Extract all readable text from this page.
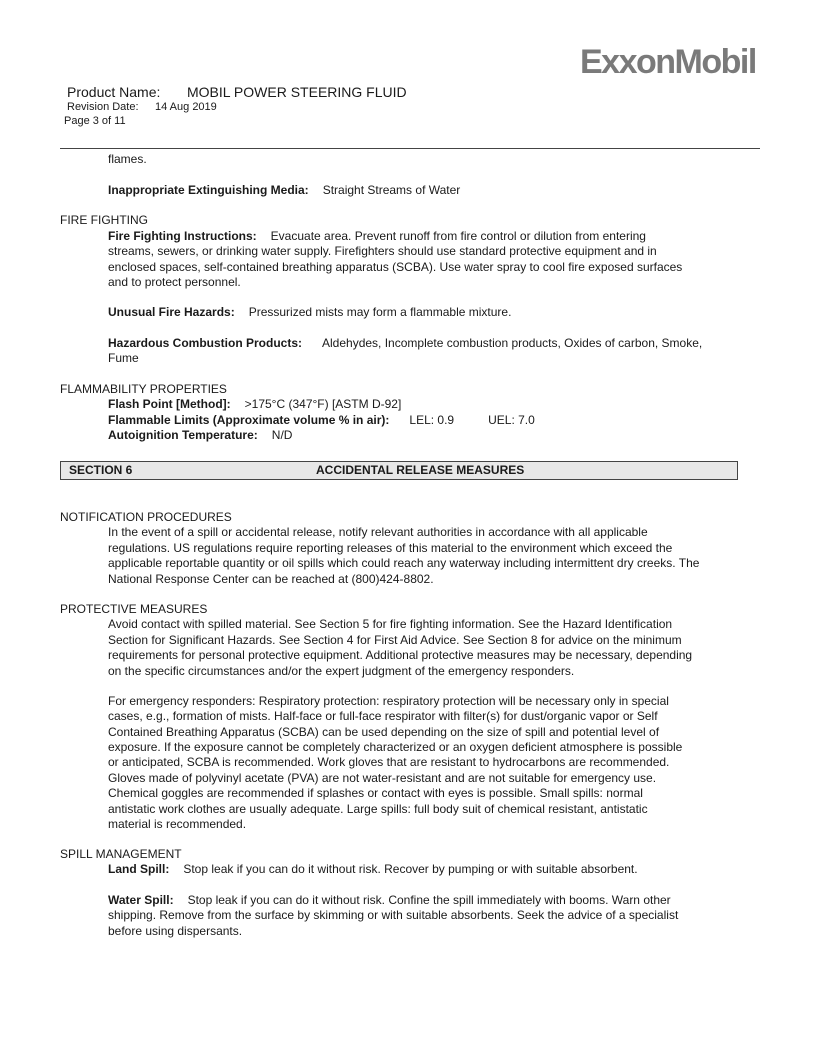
ExxonMobil
Product Name: MOBIL POWER STEERING FLUID
Revision Date: 14 Aug 2019
Page 3 of 11
flames.
Inappropriate Extinguishing Media: Straight Streams of Water
FIRE FIGHTING
Fire Fighting Instructions: Evacuate area. Prevent runoff from fire control or dilution from entering
streams, sewers, or drinking water supply. Firefighters should use standard protective equipment and in
enclosed spaces, self-contained breathing apparatus (SCBA). Use water spray to cool fire exposed surfaces
and to protect personnel.
Unusual Fire Hazards: Pressurized mists may form a flammable mixture.
Hazardous Combustion Products: Aldehydes, Incomplete combustion products, Oxides of carbon, Smoke,
Fume
FLAMMABILITY PROPERTIES
Flash Point [Method]: >175°C (347°F) [ASTM D-92]
Flammable Limits (Approximate volume % in air): LEL: 0.9	UEL: 7.0
Autoignition Temperature: N/D
SECTION 6	ACCIDENTAL RELEASE MEASURES
NOTIFICATION PROCEDURES
In the event of a spill or accidental release, notify relevant authorities in accordance with all applicable
regulations. US regulations require reporting releases of this material to the environment which exceed the
applicable reportable quantity or oil spills which could reach any waterway including intermittent dry creeks. The
National Response Center can be reached at (800)424-8802.
PROTECTIVE MEASURES
Avoid contact with spilled material. See Section 5 for fire fighting information. See the Hazard Identification
Section for Significant Hazards. See Section 4 for First Aid Advice. See Section 8 for advice on the minimum
requirements for personal protective equipment. Additional protective measures may be necessary, depending
on the specific circumstances and/or the expert judgment of the emergency responders.
For emergency responders: Respiratory protection: respiratory protection will be necessary only in special
cases, e.g., formation of mists. Half-face or full-face respirator with filter(s) for dust/organic vapor or Self
Contained Breathing Apparatus (SCBA) can be used depending on the size of spill and potential level of
exposure. If the exposure cannot be completely characterized or an oxygen deficient atmosphere is possible
or anticipated, SCBA is recommended. Work gloves that are resistant to hydrocarbons are recommended.
Gloves made of polyvinyl acetate (PVA) are not water-resistant and are not suitable for emergency use.
Chemical goggles are recommended if splashes or contact with eyes is possible. Small spills: normal
antistatic work clothes are usually adequate. Large spills: full body suit of chemical resistant, antistatic
material is recommended.
SPILL MANAGEMENT
Land Spill: Stop leak if you can do it without risk. Recover by pumping or with suitable absorbent.
Water Spill: Stop leak if you can do it without risk. Confine the spill immediately with booms. Warn other
shipping. Remove from the surface by skimming or with suitable absorbents. Seek the advice of a specialist
before using dispersants.
